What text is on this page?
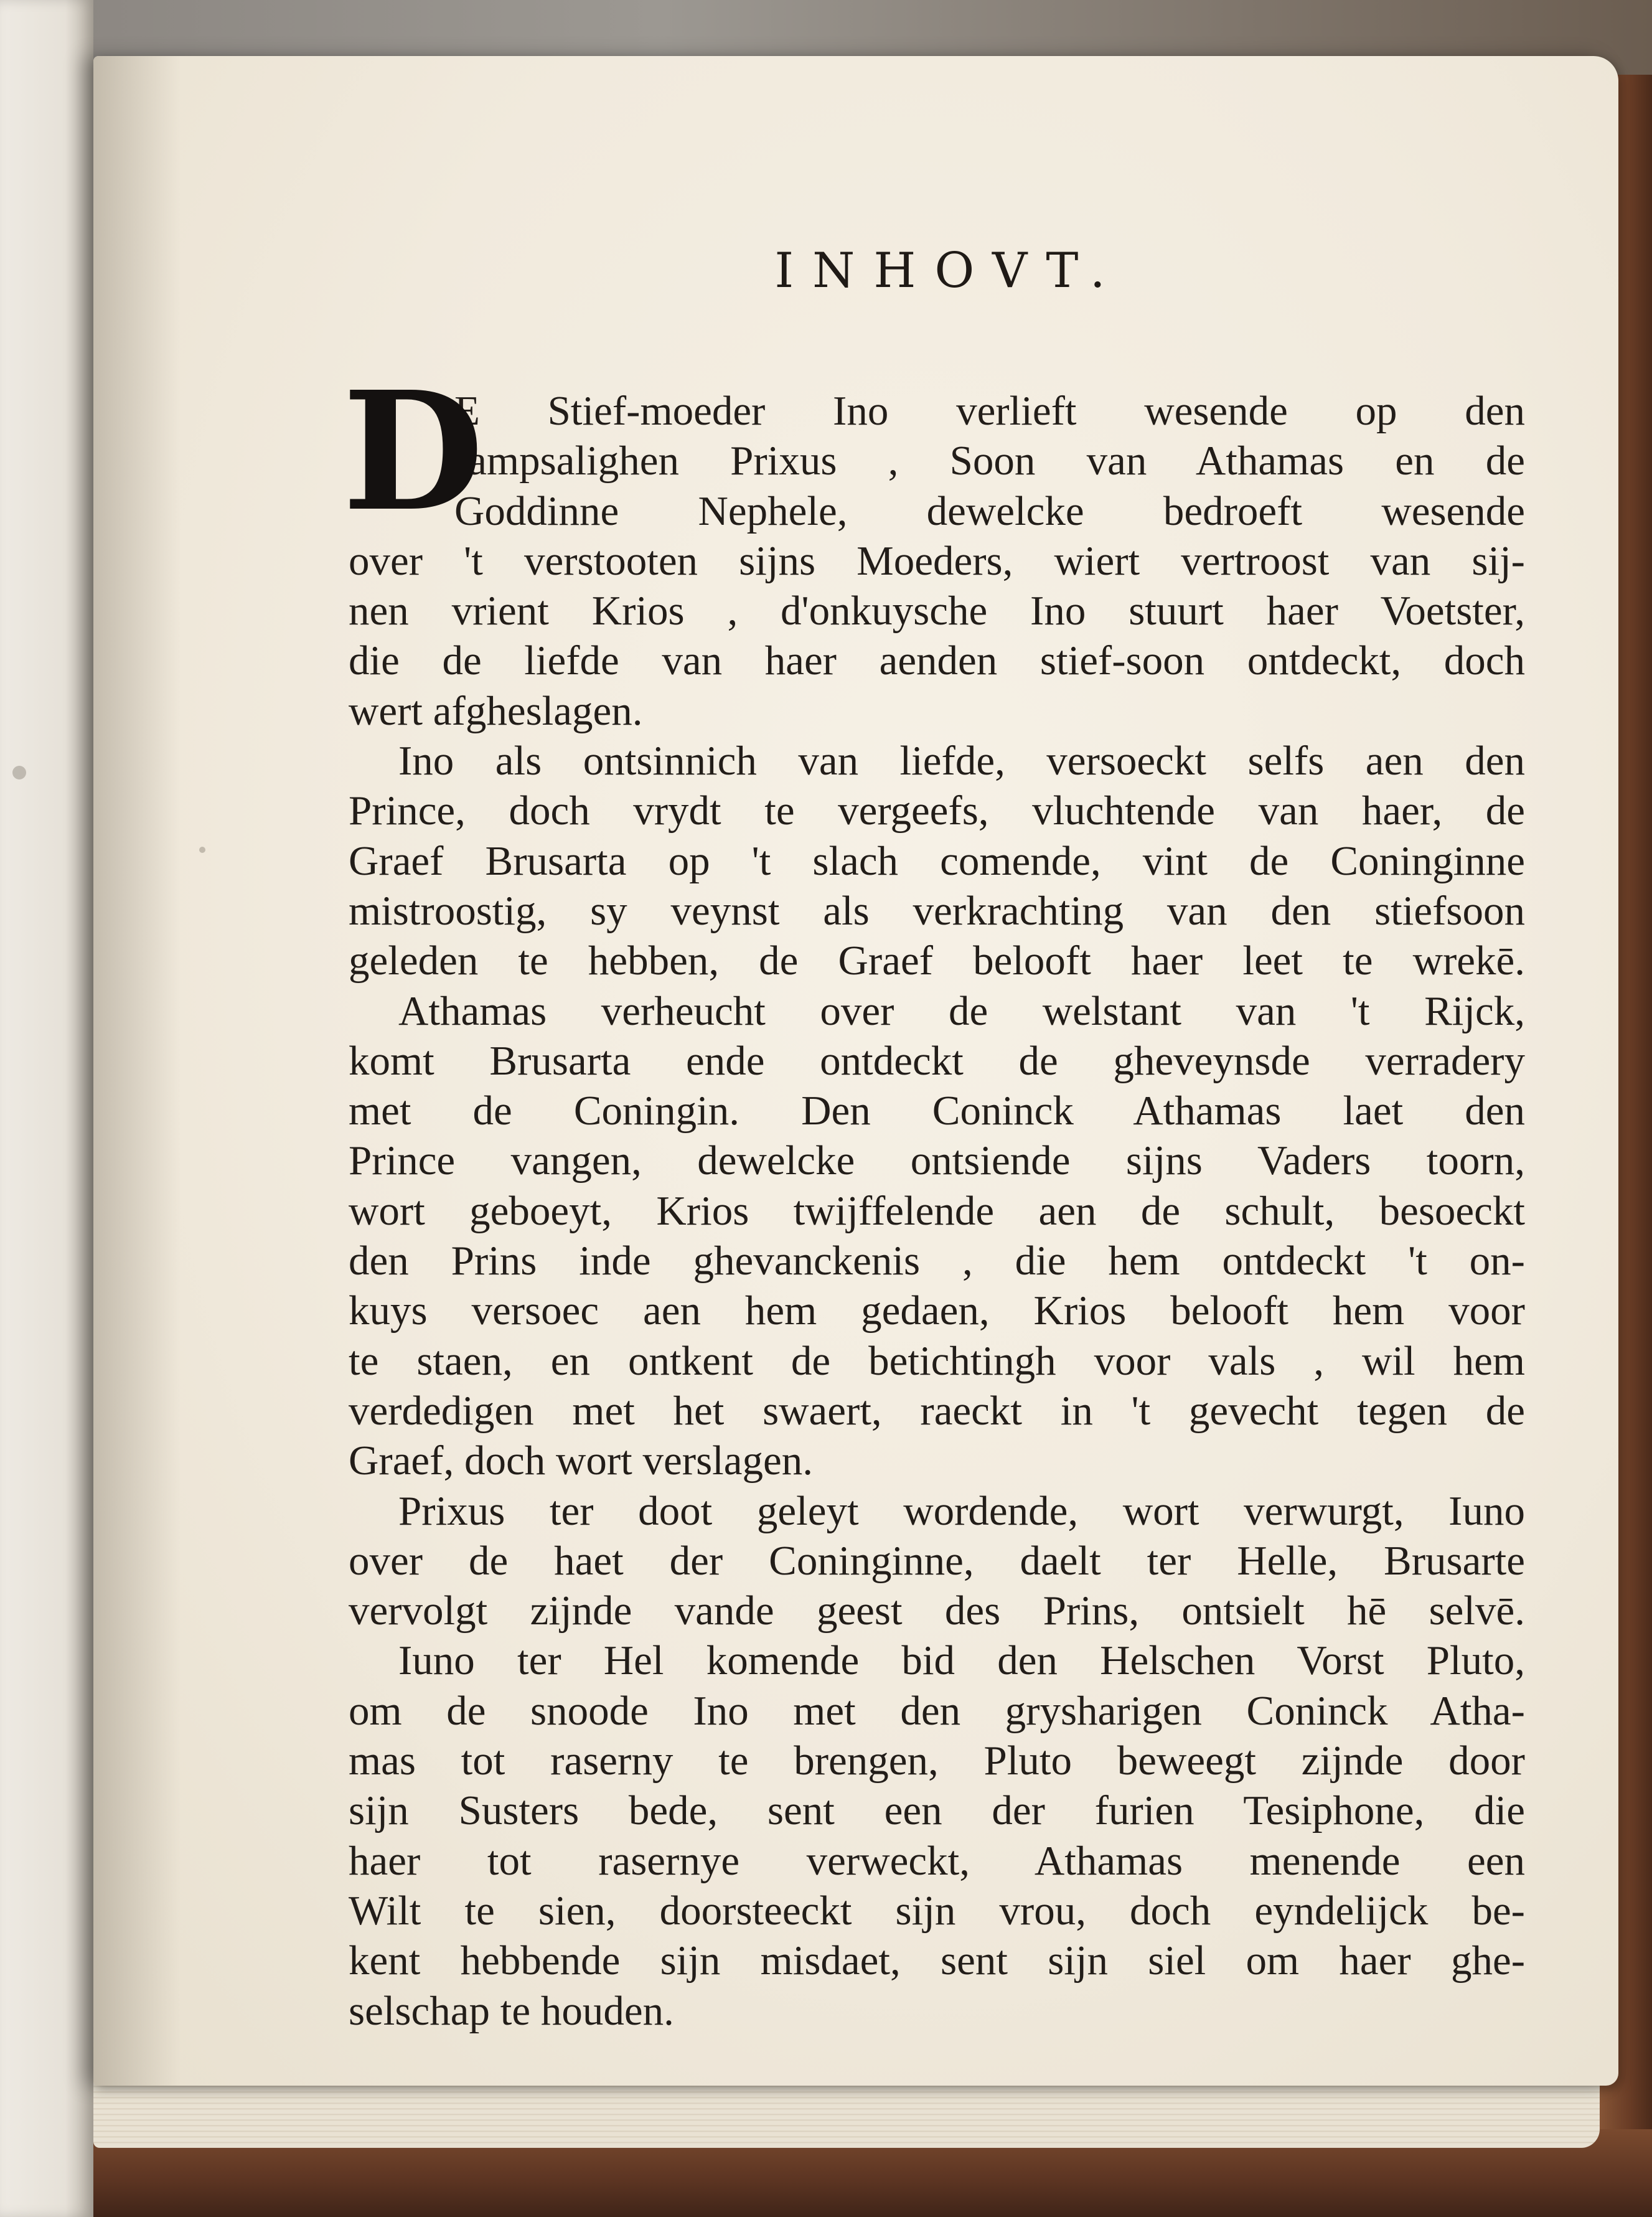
INHOVT.
D
E Stief-moeder Ino verlieft wesende op den
rampsalighen Prixus , Soon van Athamas en de
Goddinne Nephele, dewelcke bedroeft wesende
over 't verstooten sijns Moeders, wiert vertroost van sij-
nen vrient Krios , d'onkuysche Ino stuurt haer Voetster,
die de liefde van haer aenden stief-soon ontdeckt, doch
wert afgheslagen.
Ino als ontsinnich van liefde, versoeckt selfs aen den
Prince, doch vrydt te vergeefs, vluchtende van haer, de
Graef Brusarta op 't slach comende, vint de Coninginne
mistroostig, sy veynst als verkrachting van den stiefsoon
geleden te hebben, de Graef belooft haer leet te wrekē.
Athamas verheucht over de welstant van 't Rijck,
komt Brusarta ende ontdeckt de gheveynsde verradery
met de Coningin. Den Coninck Athamas laet den
Prince vangen, dewelcke ontsiende sijns Vaders toorn,
wort geboeyt, Krios twijffelende aen de schult, besoeckt
den Prins inde ghevanckenis , die hem ontdeckt 't on-
kuys versoec aen hem gedaen, Krios belooft hem voor
te staen, en ontkent de betichtingh voor vals , wil hem
verdedigen met het swaert, raeckt in 't gevecht tegen de
Graef, doch wort verslagen.
Prixus ter doot geleyt wordende, wort verwurgt, Iuno
over de haet der Coninginne, daelt ter Helle, Brusarte
vervolgt zijnde vande geest des Prins, ontsielt hē selvē.
Iuno ter Hel komende bid den Helschen Vorst Pluto,
om de snoode Ino met den grysharigen Coninck Atha-
mas tot raserny te brengen, Pluto beweegt zijnde door
sijn Susters bede, sent een der furien Tesiphone, die
haer tot rasernye verweckt, Athamas menende een
Wilt te sien, doorsteeckt sijn vrou, doch eyndelijck be-
kent hebbende sijn misdaet, sent sijn siel om haer ghe-
selschap te houden.
